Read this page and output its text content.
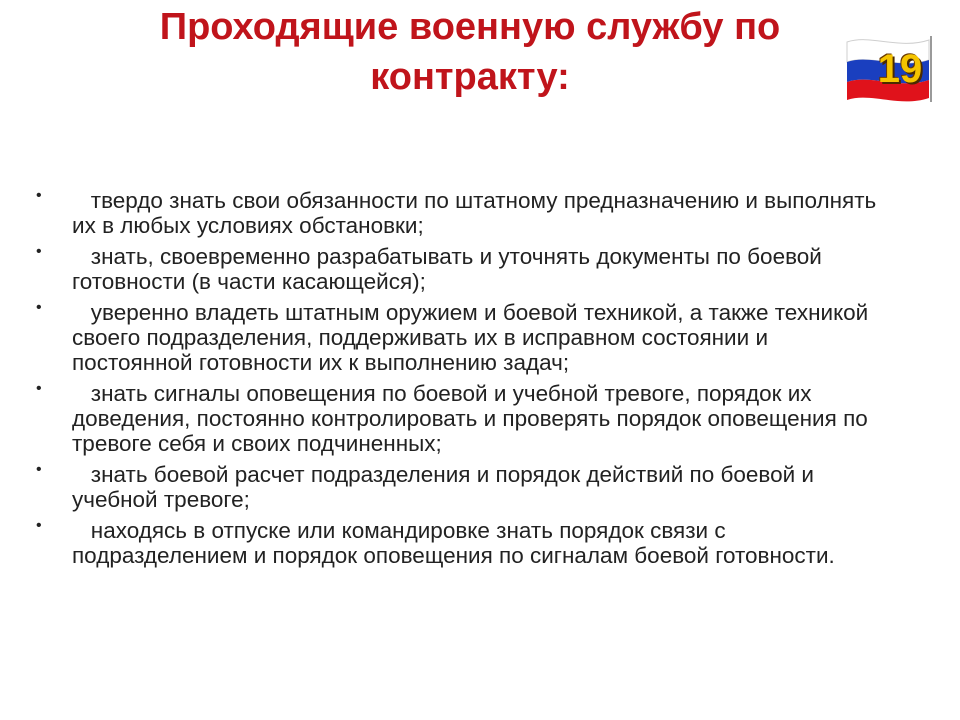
Проходящие военную службу по контракту:	19
• твердо знать свои обязанности по штатному предназначению и выполнять их в любых условиях обстановки;
• знать, своевременно разрабатывать и уточнять документы по боевой готовности (в части касающейся);
• уверенно владеть штатным оружием и боевой техникой, а также техникой своего подразделения, поддерживать их в исправном состоянии и постоянной готовности их к выполнению задач;
• знать сигналы оповещения по боевой и учебной тревоге, порядок их доведения, постоянно контролировать и проверять порядок оповещения по тревоге себя и своих подчиненных;
• знать боевой расчет подразделения и порядок действий по боевой и учебной тревоге;
• находясь в отпуске или командировке знать порядок связи с подразделением и порядок оповещения по сигналам боевой готовности.
